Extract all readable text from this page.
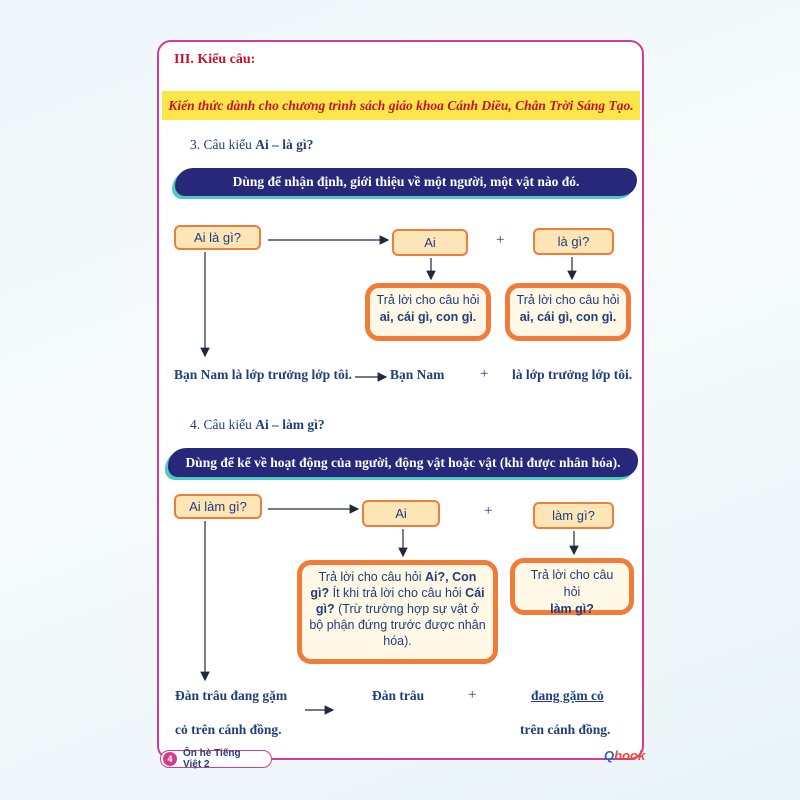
III. Kiểu câu:
Kiến thức dành cho chương trình sách giáo khoa Cánh Diều, Chân Trời Sáng Tạo.
3. Câu kiểu Ai – là gì?
Dùng để nhận định, giới thiệu về một người, một vật nào đó.
Ai là gì?	Ai	+	là gì?
Trả lời cho câu hỏi
ai, cái gì, con gì.
Trả lời cho câu hỏi
ai, cái gì, con gì.
Bạn Nam là lớp trưởng lớp tôi.	Bạn Nam + là lớp trưởng lớp tôi.
4. Câu kiểu Ai – làm gì?
Dùng để kể về hoạt động của người, động vật hoặc vật (khi được nhân hóa).
Ai làm gì?	Ai	+	làm gì?
Trả lời cho câu hỏi Ai?, Con gì? Ít khi trả lời cho câu hỏi Cái gì? (Trừ trường hợp sự vật ở bộ phận đứng trước được nhân hóa).
Trả lời cho câu hỏi
làm gì?
Đàn trâu đang gặm
cỏ trên cánh đồng.
Đàn trâu	+	đang gặm cỏ
trên cánh đồng.
4	Ôn hè Tiếng Việt 2
Qbook
